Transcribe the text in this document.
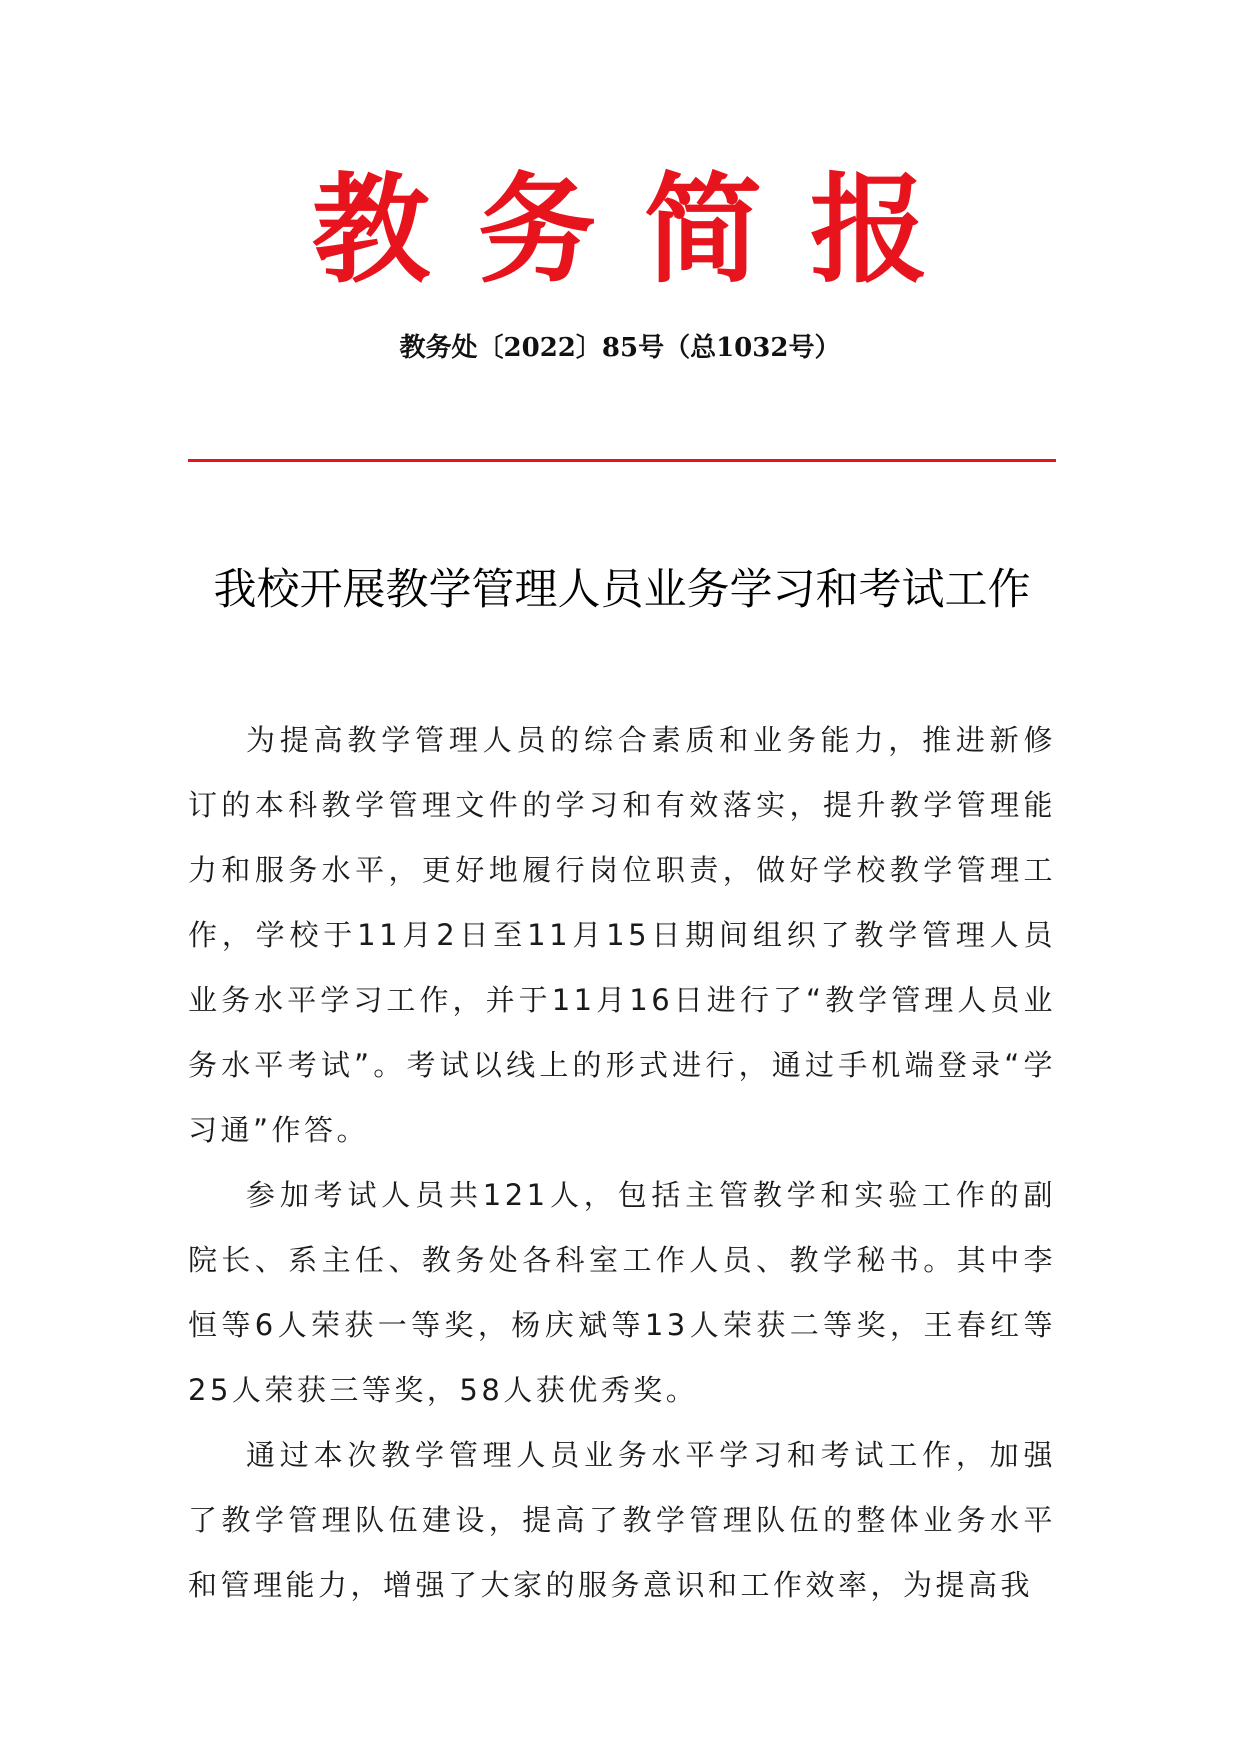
教务简报
教务处〔2022〕85号（总1032号）
我校开展教学管理人员业务学习和考试工作

为提高教学管理人员的综合素质和业务能力，推进新修订的本科教学管理文件的学习和有效落实，提升教学管理能力和服务水平，更好地履行岗位职责，做好学校教学管理工作，学校于11月2日至11月15日期间组织了教学管理人员业务水平学习工作，并于11月16日进行了“教学管理人员业务水平考试”。考试以线上的形式进行，通过手机端登录“学习通”作答。

参加考试人员共121人，包括主管教学和实验工作的副院长、系主任、教务处各科室工作人员、教学秘书。其中李恒等6人荣获一等奖，杨庆斌等13人荣获二等奖，王春红等25人荣获三等奖，58人获优秀奖。

通过本次教学管理人员业务水平学习和考试工作，加强了教学管理队伍建设，提高了教学管理队伍的整体业务水平和管理能力，增强了大家的服务意识和工作效率，为提高我
